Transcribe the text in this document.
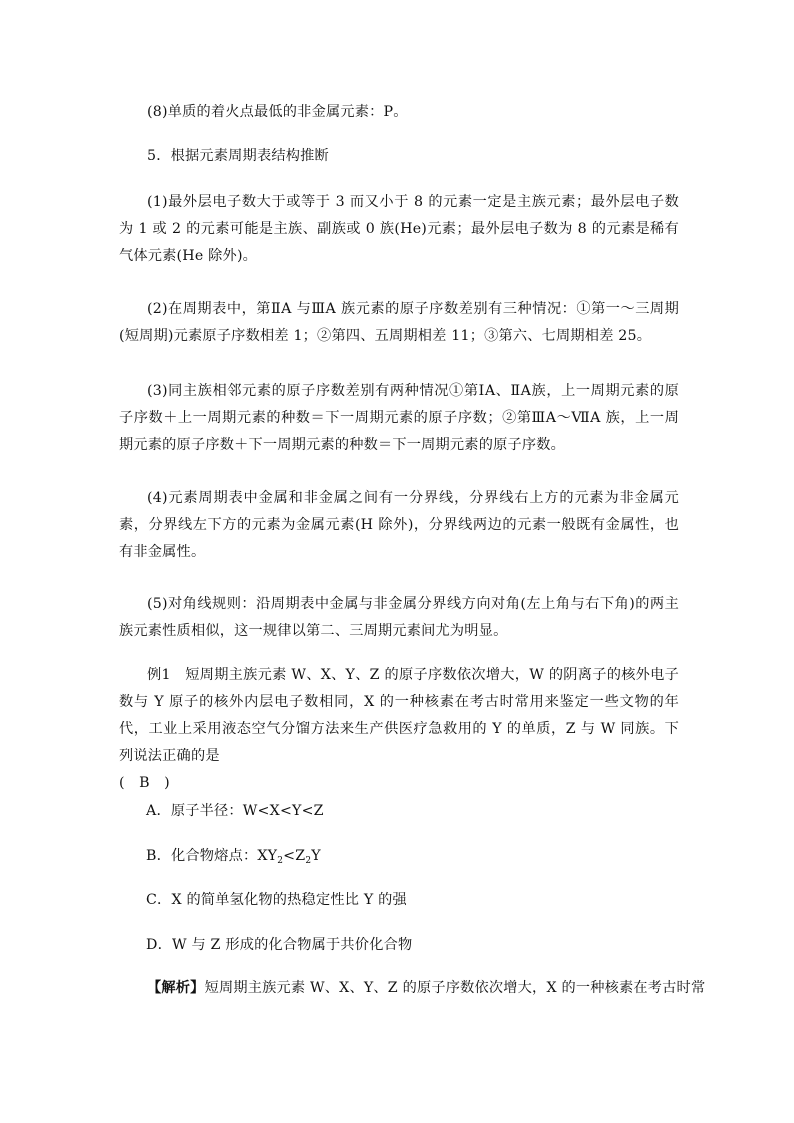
(8)单质的着火点最低的非金属元素：P。
5．根据元素周期表结构推断
(1)最外层电子数大于或等于 3 而又小于 8 的元素一定是主族元素；最外层电子数为 1 或 2 的元素可能是主族、副族或 0 族(He)元素；最外层电子数为 8 的元素是稀有气体元素(He 除外)。
(2)在周期表中，第ⅡA 与ⅢA 族元素的原子序数差别有三种情况：①第一～三周期(短周期)元素原子序数相差 1；②第四、五周期相差 11；③第六、七周期相差 25。
(3)同主族相邻元素的原子序数差别有两种情况①第ⅠA、ⅡA族，上一周期元素的原子序数＋上一周期元素的种数＝下一周期元素的原子序数；②第ⅢA～ⅦA 族，上一周期元素的原子序数＋下一周期元素的种数＝下一周期元素的原子序数。
(4)元素周期表中金属和非金属之间有一分界线，分界线右上方的元素为非金属元素，分界线左下方的元素为金属元素(H 除外)，分界线两边的元素一般既有金属性，也有非金属性。
(5)对角线规则：沿周期表中金属与非金属分界线方向对角(左上角与右下角)的两主族元素性质相似，这一规律以第二、三周期元素间尤为明显。
例1　 短周期主族元素 W、X、Y、Z 的原子序数依次增大，W 的阴离子的核外电子数与 Y 原子的核外内层电子数相同，X 的一种核素在考古时常用来鉴定一些文物的年代，工业上采用液态空气分馏方法来生产供医疗急救用的 Y 的单质，Z 与 W 同族。下列说法正确的是
(　B　)
A．原子半径：W<X<Y<Z
B．化合物熔点：$XY_2<Z_2Y$
C．X 的简单氢化物的热稳定性比 Y 的强
D．W 与 Z 形成的化合物属于共价化合物
【解析】短周期主族元素 W、X、Y、Z 的原子序数依次增大，X 的一种核素在考古时常
